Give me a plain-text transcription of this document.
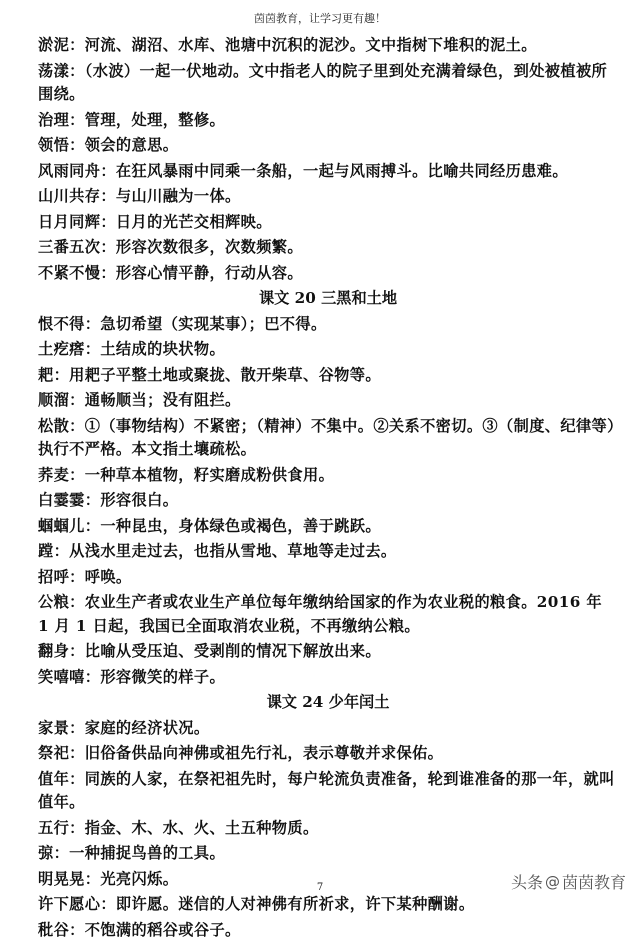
茵茵教育，让学习更有趣！
淤泥：河流、湖沼、水库、池塘中沉积的泥沙。文中指树下堆积的泥土。
荡漾：（水波）一起一伏地动。文中指老人的院子里到处充满着绿色，到处被植被所围绕。
治理：管理，处理，整修。
领悟：领会的意思。
风雨同舟：在狂风暴雨中同乘一条船，一起与风雨搏斗。比喻共同经历患难。
山川共存：与山川融为一体。
日月同辉：日月的光芒交相辉映。
三番五次：形容次数很多，次数频繁。
不紧不慢：形容心情平静，行动从容。
课文 20 三黑和土地
恨不得：急切希望（实现某事）；巴不得。
土疙瘩：土结成的块状物。
耙：用耙子平整土地或聚拢、散开柴草、谷物等。
顺溜：通畅顺当；没有阻拦。
松散：①（事物结构）不紧密；（精神）不集中。②关系不密切。③（制度、纪律等）执行不严格。本文指土壤疏松。
荞麦：一种草本植物，籽实磨成粉供食用。
白霎霎：形容很白。
蝈蝈儿：一种昆虫，身体绿色或褐色，善于跳跃。
蹚：从浅水里走过去，也指从雪地、草地等走过去。
招呼：呼唤。
公粮：农业生产者或农业生产单位每年缴纳给国家的作为农业税的粮食。2016 年 1 月 1 日起，我国已全面取消农业税，不再缴纳公粮。
翻身：比喻从受压迫、受剥削的情况下解放出来。
笑嘻嘻：形容微笑的样子。
课文 24 少年闰土
家景：家庭的经济状况。
祭祀：旧俗备供品向神佛或祖先行礼，表示尊敬并求保佑。
值年：同族的人家，在祭祀祖先时，每户轮流负责准备，轮到谁准备的那一年，就叫值年。
五行：指金、木、水、火、土五种物质。
弶：一种捕捉鸟兽的工具。
明晃晃：光亮闪烁。
许下愿心：即许愿。迷信的人对神佛有所祈求，许下某种酬谢。
秕谷：不饱满的稻谷或谷子。
7	头条 @ 茵茵教育
